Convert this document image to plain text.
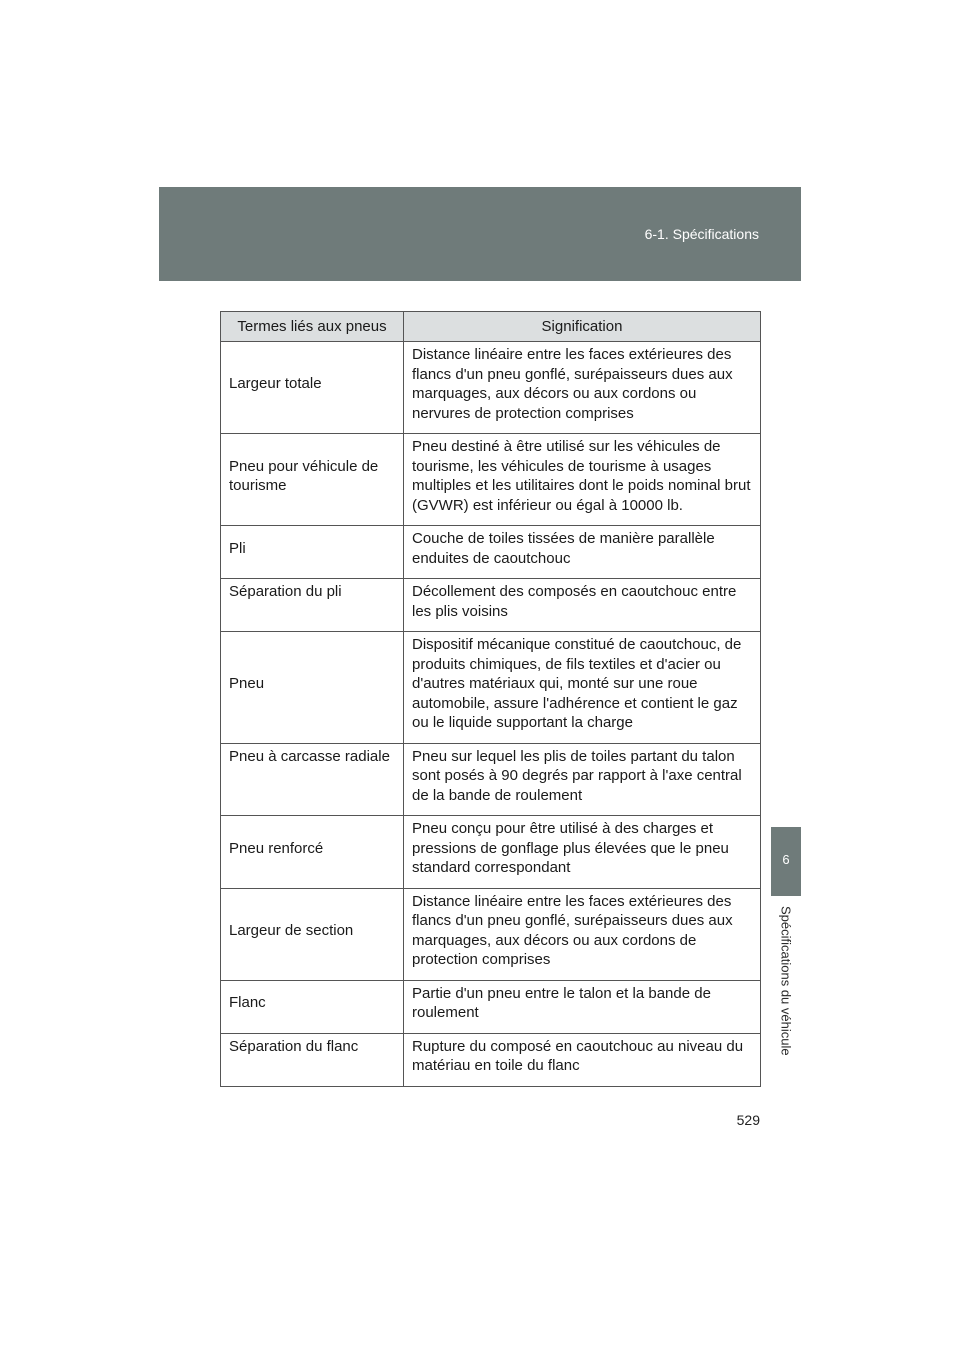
6-1. Spécifications
6
Spécifications du véhicule
Termes liés aux pneus	Signification
Largeur totale	Distance linéaire entre les faces extérieures des flancs d'un pneu gonflé, surépaisseurs dues aux marquages, aux décors ou aux cordons ou nervures de protection comprises
Pneu pour véhicule de tourisme	Pneu destiné à être utilisé sur les véhicules de tourisme, les véhicules de tourisme à usages multiples et les utilitaires dont le poids nominal brut (GVWR) est inférieur ou égal à 10000 lb.
Pli	Couche de toiles tissées de manière parallèle enduites de caoutchouc
Séparation du pli	Décollement des composés en caoutchouc entre les plis voisins
Pneu	Dispositif mécanique constitué de caoutchouc, de produits chimiques, de fils textiles et d'acier ou d'autres matériaux qui, monté sur une roue automobile, assure l'adhérence et contient le gaz ou le liquide supportant la charge
Pneu à carcasse radiale	Pneu sur lequel les plis de toiles partant du talon sont posés à 90 degrés par rapport à l'axe central de la bande de roulement
Pneu renforcé	Pneu conçu pour être utilisé à des charges et pressions de gonflage plus élevées que le pneu standard correspondant
Largeur de section	Distance linéaire entre les faces extérieures des flancs d'un pneu gonflé, surépaisseurs dues aux marquages, aux décors ou aux cordons de protection comprises
Flanc	Partie d'un pneu entre le talon et la bande de roulement
Séparation du flanc	Rupture du composé en caoutchouc au niveau du matériau en toile du flanc
529
